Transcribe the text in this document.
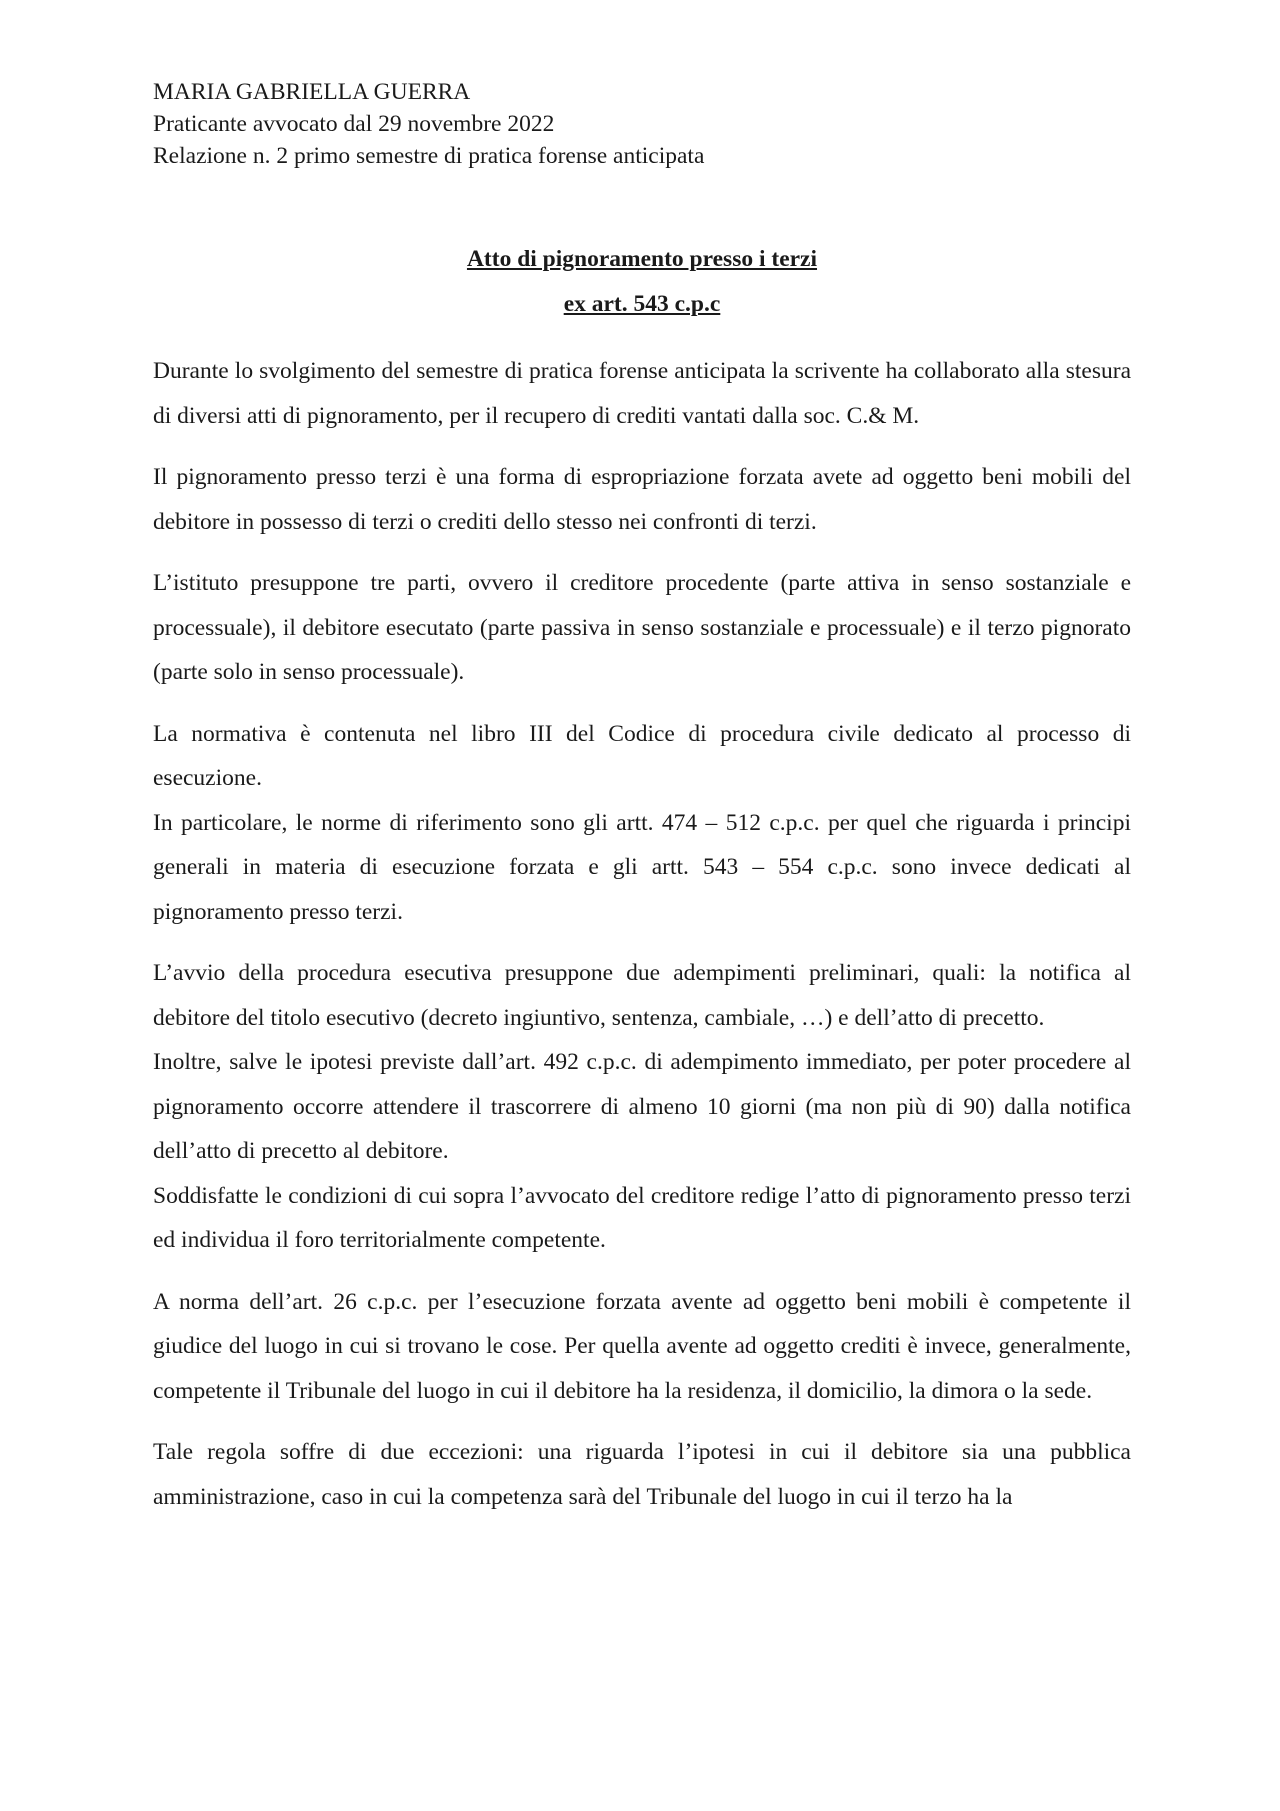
MARIA GABRIELLA GUERRA

Praticante avvocato dal 29 novembre 2022

Relazione n. 2 primo semestre di pratica forense anticipata

Atto di pignoramento presso i terzi

ex art. 543 c.p.c

Durante lo svolgimento del semestre di pratica forense anticipata la scrivente ha collaborato alla stesura di diversi atti di pignoramento, per il recupero di crediti vantati dalla soc. C.& M.

Il pignoramento presso terzi è una forma di espropriazione forzata avete ad oggetto beni mobili del debitore in possesso di terzi o crediti dello stesso nei confronti di terzi.

L’istituto presuppone tre parti, ovvero il creditore procedente (parte attiva in senso sostanziale e processuale), il debitore esecutato (parte passiva in senso sostanziale e processuale) e il terzo pignorato (parte solo in senso processuale).

La normativa è contenuta nel libro III del Codice di procedura civile dedicato al processo di esecuzione.

In particolare, le norme di riferimento sono gli artt. 474 – 512 c.p.c. per quel che riguarda i principi generali in materia di esecuzione forzata e gli artt. 543 – 554 c.p.c. sono invece dedicati al pignoramento presso terzi.

L’avvio della procedura esecutiva presuppone due adempimenti preliminari, quali: la notifica al debitore del titolo esecutivo (decreto ingiuntivo, sentenza, cambiale, …) e dell’atto di precetto.

Inoltre, salve le ipotesi previste dall’art. 492 c.p.c. di adempimento immediato, per poter procedere al pignoramento occorre attendere il trascorrere di almeno 10 giorni (ma non più di 90) dalla notifica dell’atto di precetto al debitore.

Soddisfatte le condizioni di cui sopra l’avvocato del creditore redige l’atto di pignoramento presso terzi ed individua il foro territorialmente competente.

A norma dell’art. 26 c.p.c. per l’esecuzione forzata avente ad oggetto beni mobili è competente il giudice del luogo in cui si trovano le cose. Per quella avente ad oggetto crediti è invece, generalmente, competente il Tribunale del luogo in cui il debitore ha la residenza, il domicilio, la dimora o la sede.

Tale regola soffre di due eccezioni: una riguarda l’ipotesi in cui il debitore sia una pubblica amministrazione, caso in cui la competenza sarà del Tribunale del luogo in cui il terzo ha la
